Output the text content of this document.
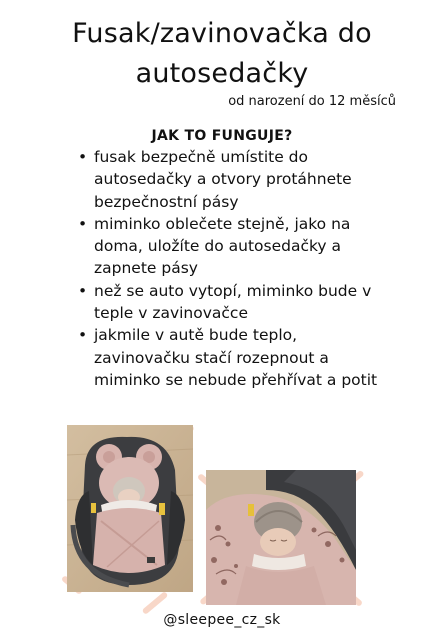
Fusak/zavinovačka do autosedačky
od narození do 12 měsíců
JAK TO FUNGUJE?
• fusak bezpečně umístite do autosedačky a otvory protáhnete bezpečnostní pásy
• miminko oblečete stejně, jako na doma, uložíte do autosedačky a zapnete pásy
• než se auto vytopí, miminko bude v teple v zavinovačce
• jakmile v autě bude teplo, zavinovačku stačí rozepnout a miminko se nebude přehřívat a potit
@sleepee_cz_sk
